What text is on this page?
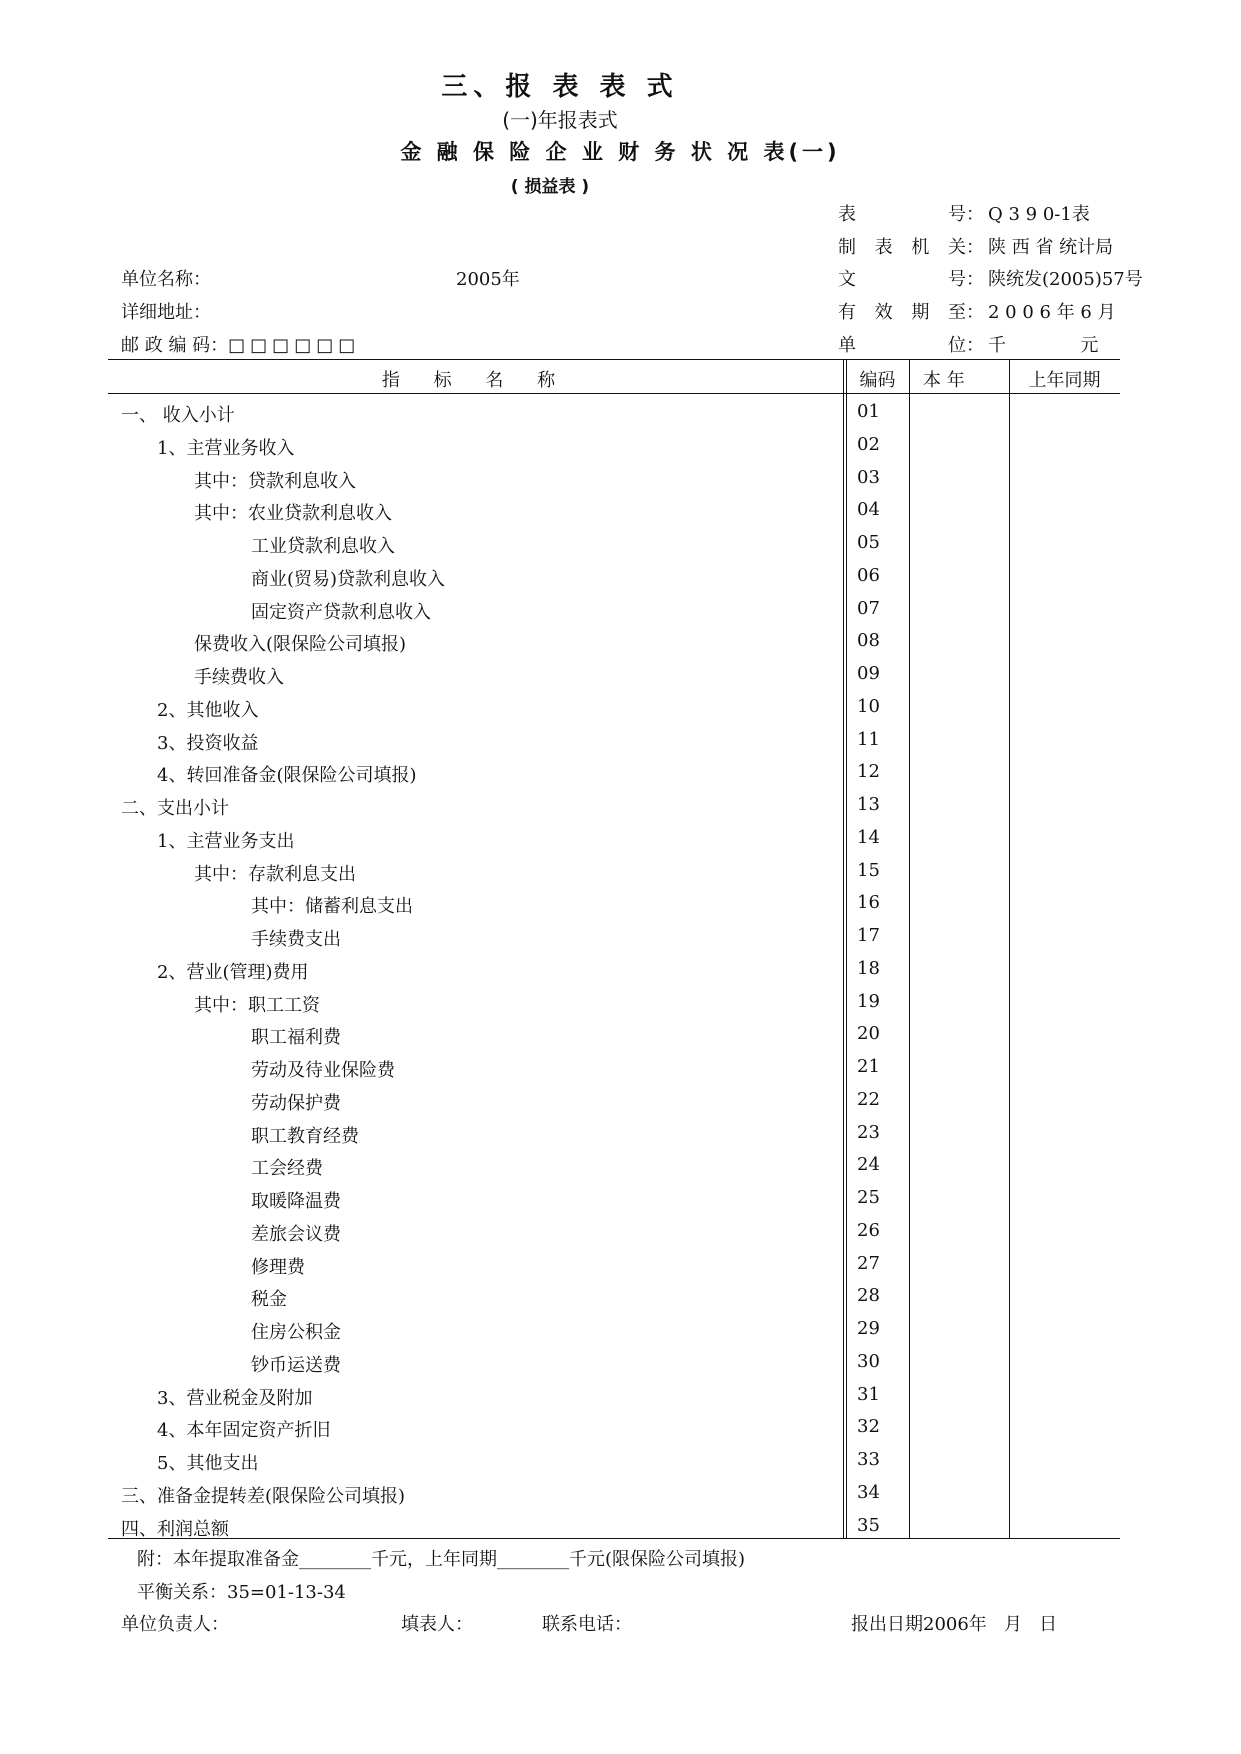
三、报 表 表 式
(一)年报表式
金 融 保 险 企 业 财 务 状 况 表(一)
( 损益表 )
表号： Q 3 9 0-1表
制表机关： 陕 西 省 统计局
文号： 陕统发(2005)57号
有效期至： 2 0 0 6 年 6 月
单位： 千             元
单位名称：	2005年
详细地址：
邮 政 编 码：□□□□□□
指 标 名 称	编码	本 年	上年同期
一、 收入小计	01
1、主营业务收入	02
其中：贷款利息收入	03
其中：农业贷款利息收入	04
工业贷款利息收入	05
商业(贸易)贷款利息收入	06
固定资产贷款利息收入	07
保费收入(限保险公司填报)	08
手续费收入	09
2、其他收入	10
3、投资收益	11
4、转回准备金(限保险公司填报)	12
二、支出小计	13
1、主营业务支出	14
其中：存款利息支出	15
其中：储蓄利息支出	16
手续费支出	17
2、营业(管理)费用	18
其中：职工工资	19
职工福利费	20
劳动及待业保险费	21
劳动保护费	22
职工教育经费	23
工会经费	24
取暖降温费	25
差旅会议费	26
修理费	27
税金	28
住房公积金	29
钞币运送费	30
3、营业税金及附加	31
4、本年固定资产折旧	32
5、其他支出	33
三、准备金提转差(限保险公司填报)	34
四、利润总额	35
附：本年提取准备金________千元，上年同期________千元(限保险公司填报)
平衡关系：35=01-13-34
单位负责人：	填表人：	联系电话：	报出日期2006年   月   日
